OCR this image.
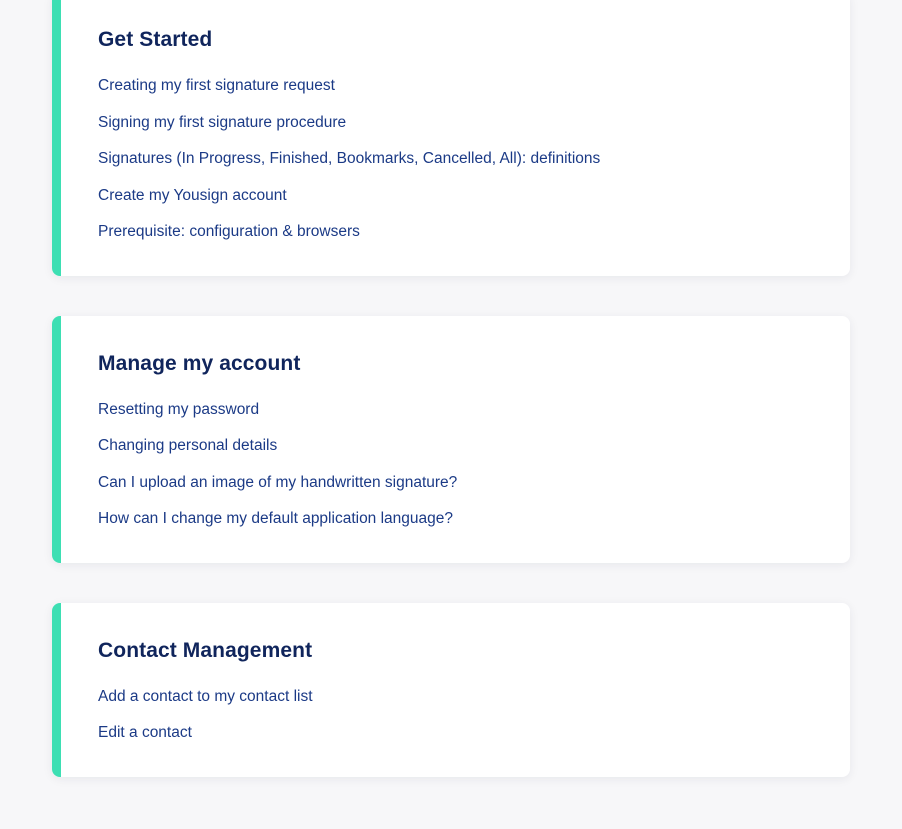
Get Started
Creating my first signature request
Signing my first signature procedure
Signatures (In Progress, Finished, Bookmarks, Cancelled, All): definitions
Create my Yousign account
Prerequisite: configuration & browsers
Manage my account
Resetting my password
Changing personal details
Can I upload an image of my handwritten signature?
How can I change my default application language?
Contact Management
Add a contact to my contact list
Edit a contact
